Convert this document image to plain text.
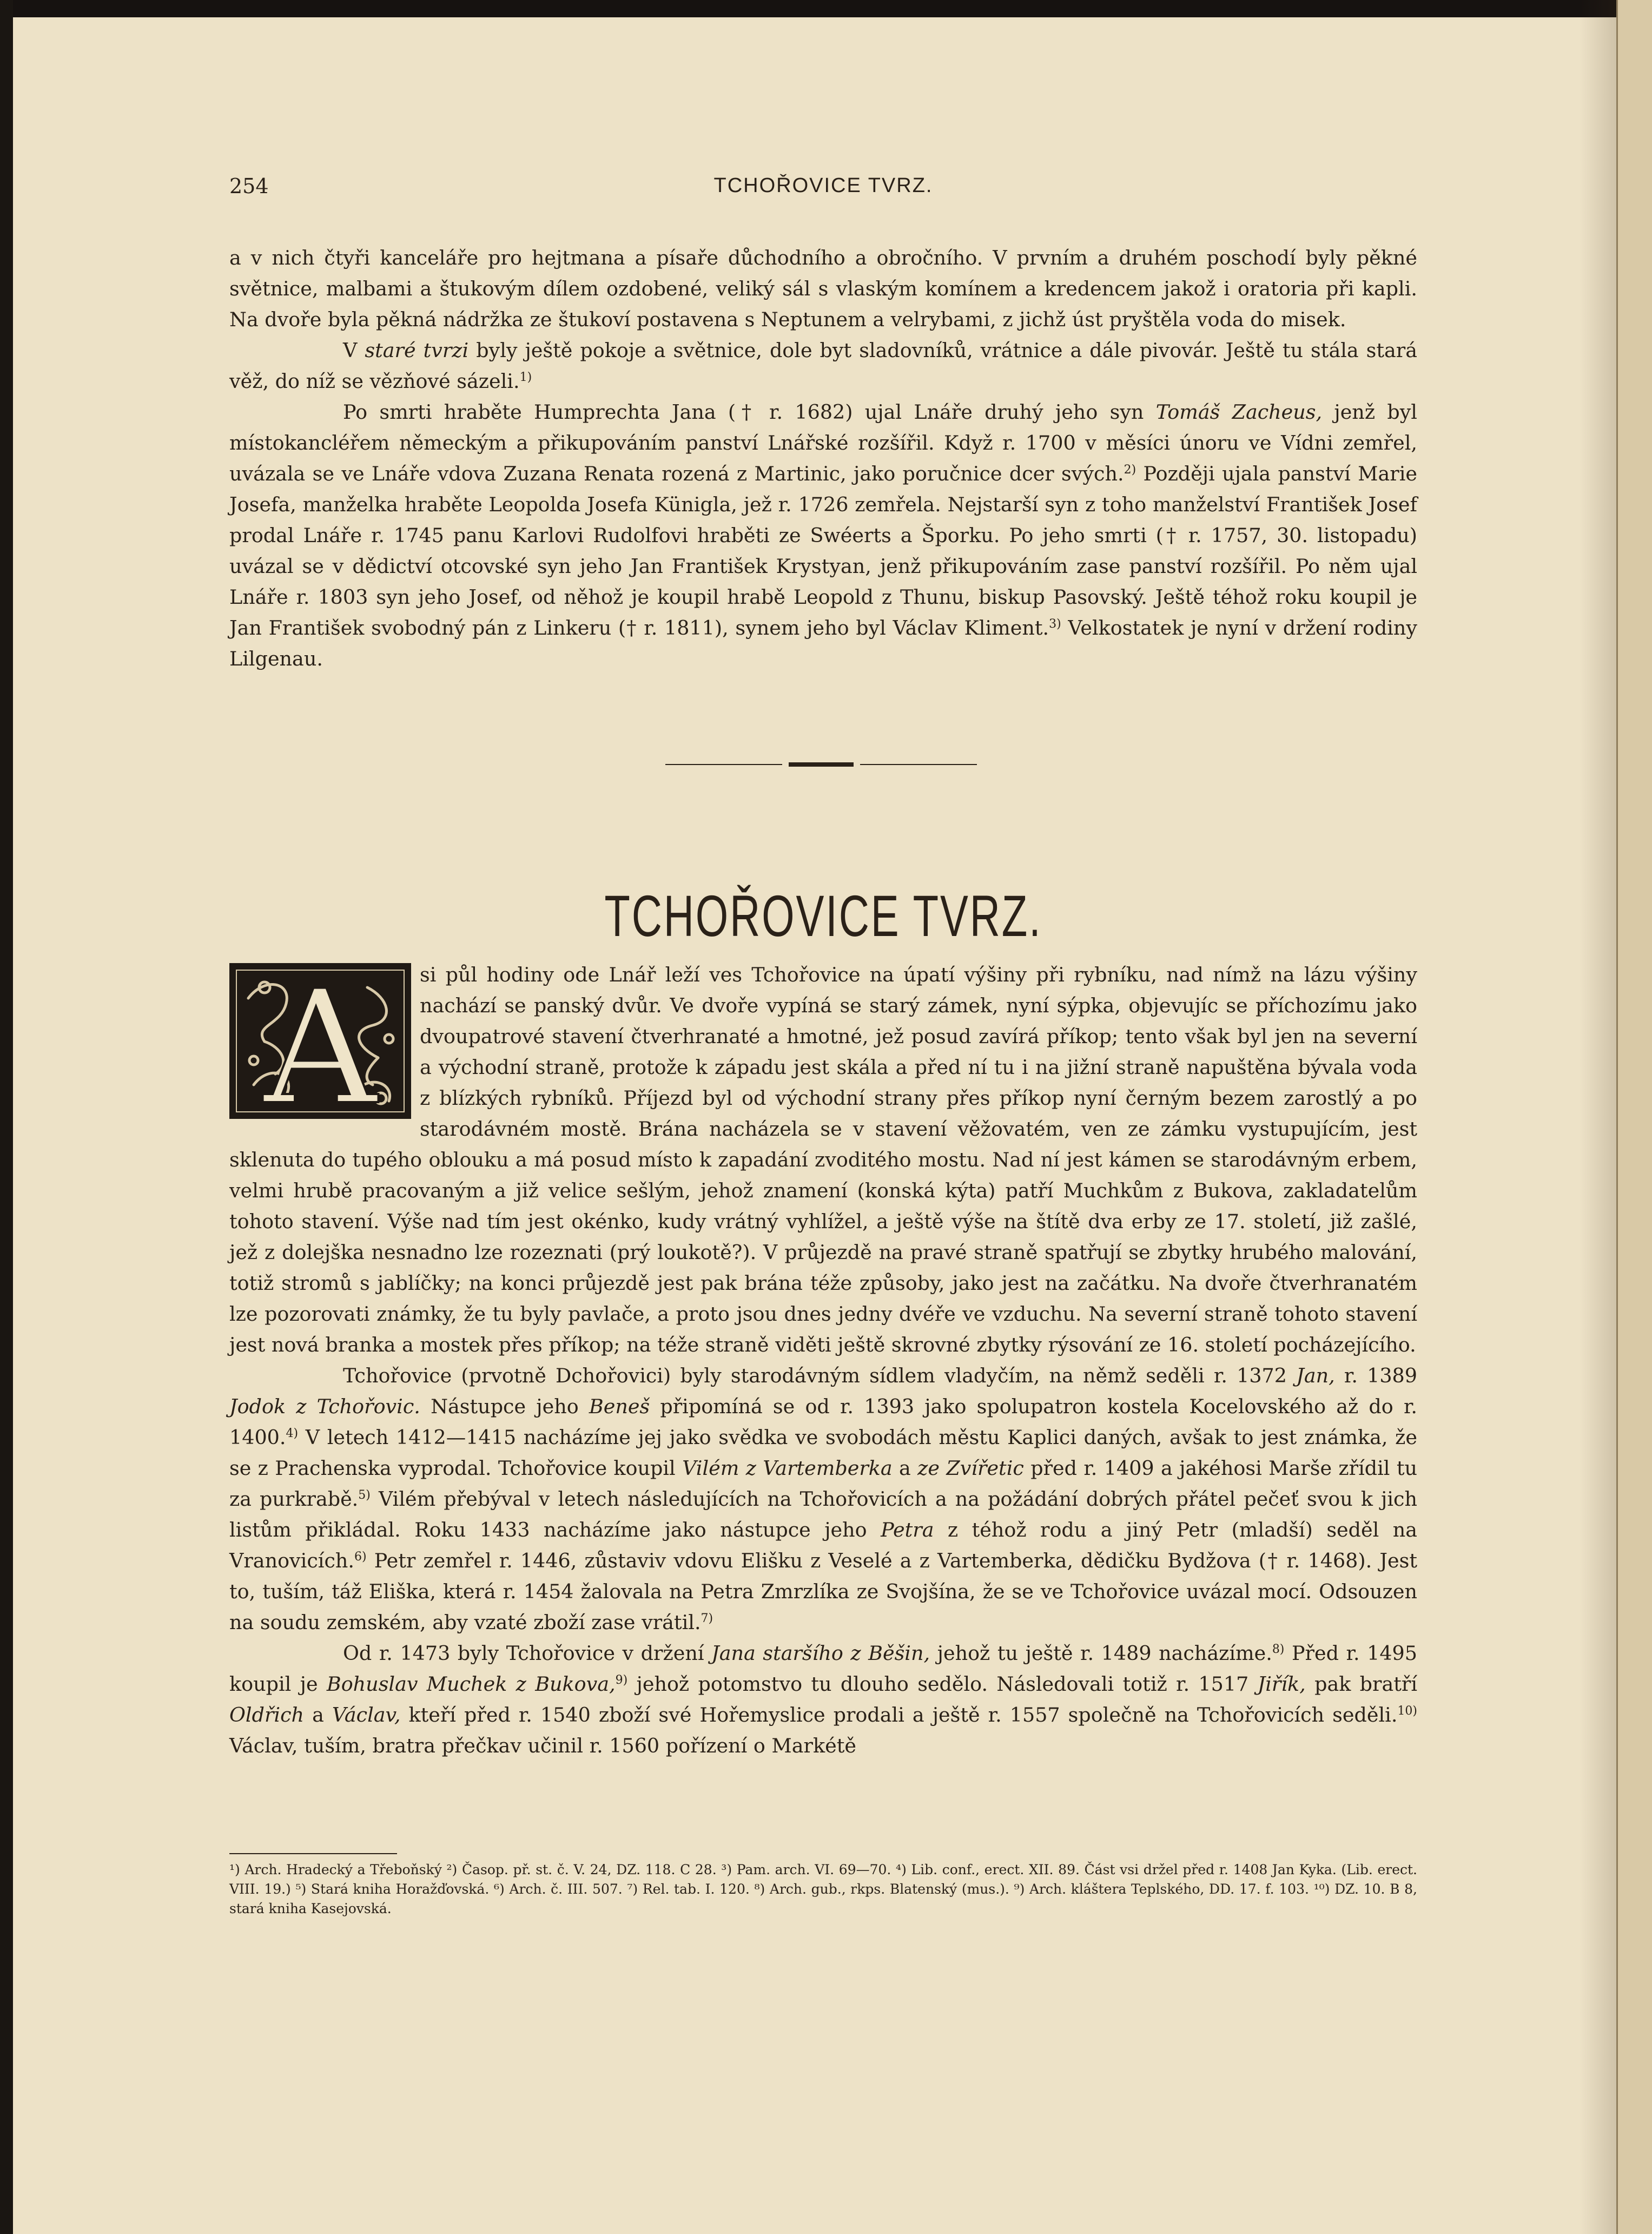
254	TCHOŘOVICE TVRZ.

a v nich čtyři kanceláře pro hejtmana a písaře důchodního a obročního. V prvním a druhém poschodí byly pěkné světnice, malbami a štukovým dílem ozdobené, veliký sál s vlaským komínem a kredencem jakož i oratoria při kapli. Na dvoře byla pěkná nádržka ze štukoví postavena s Neptunem a velrybami, z jichž úst pryštěla voda do misek.

V staré tvrzi byly ještě pokoje a světnice, dole byt sladovníků, vrátnice a dále pivovár. Ještě tu stála stará věž, do níž se vězňové sázeli.$^{1)}$

Po smrti hraběte Humprechta Jana († r. 1682) ujal Lnáře druhý jeho syn Tomáš Zacheus, jenž byl místokancléřem německým a přikupováním panství Lnářské rozšířil. Když r. 1700 v měsíci únoru ve Vídni zemřel, uvázala se ve Lnáře vdova Zuzana Renata rozená z Martinic, jako poručnice dcer svých.$^{2)}$ Později ujala panství Marie Josefa, manželka hraběte Leopolda Josefa Künigla, jež r. 1726 zemřela. Nejstarší syn z toho manželství František Josef prodal Lnáře r. 1745 panu Karlovi Rudolfovi hraběti ze Swéerts a Šporku. Po jeho smrti († r. 1757, 30. listopadu) uvázal se v dědictví otcovské syn jeho Jan František Krystyan, jenž přikupováním zase panství rozšířil. Po něm ujal Lnáře r. 1803 syn jeho Josef, od něhož je koupil hrabě Leopold z Thunu, biskup Pasovský. Ještě téhož roku koupil je Jan František svobodný pán z Linkeru († r. 1811), synem jeho byl Václav Kliment.$^{3)}$ Velkostatek je nyní v držení rodiny Lilgenau.

TCHOŘOVICE TVRZ.
A	si půl hodiny ode Lnář leží ves Tchořovice na úpatí výšiny při rybníku, nad nímž na lázu výšiny nachází se panský dvůr. Ve dvoře vypíná se starý zámek, nyní sýpka, objevujíc se příchozímu jako dvoupatrové stavení čtverhranaté a hmotné, jež posud zavírá příkop; tento však byl jen na severní a východní straně, protože k západu jest skála a před ní tu i na jižní straně napuštěna bývala voda z blízkých rybníků. Příjezd byl od východní strany přes příkop nyní černým bezem zarostlý a po starodávném mostě. Brána nacházela se v stavení věžovatém, ven ze zámku vystupujícím, jest sklenuta do tupého oblouku a má posud místo k zapadání zvoditého mostu. Nad ní jest kámen se starodávným erbem, velmi hrubě pracovaným a již velice sešlým, jehož znamení (konská kýta) patří Muchkům z Bukova, zakladatelům tohoto stavení. Výše nad tím jest okénko, kudy vrátný vyhlížel, a ještě výše na štítě dva erby ze 17. století, již zašlé, jež z dolejška nesnadno lze rozeznati (prý loukotě?). V průjezdě na pravé straně spatřují se zbytky hrubého malování, totiž stromů s jablíčky; na konci průjezdě jest pak brána téže způsoby, jako jest na začátku. Na dvoře čtverhranatém lze pozorovati známky, že tu byly pavlače, a proto jsou dnes jedny dvéře ve vzduchu. Na severní straně tohoto stavení jest nová branka a mostek přes příkop; na téže straně viděti ještě skrovné zbytky rýsování ze 16. století pocházejícího.

Tchořovice (prvotně Dchořovici) byly starodávným sídlem vladyčím, na němž seděli r. 1372 Jan, r. 1389 Jodok z Tchořovic. Nástupce jeho Beneš připomíná se od r. 1393 jako spolupatron kostela Kocelovského až do r. 1400.$^{4)}$ V letech 1412—1415 nacházíme jej jako svědka ve svobodách městu Kaplici daných, avšak to jest známka, že se z Prachenska vyprodal. Tchořovice koupil Vilém z Vartemberka a ze Zvířetic před r. 1409 a jakéhosi Marše zřídil tu za purkrabě.$^{5)}$ Vilém přebýval v letech následujících na Tchořovicích a na požádání dobrých přátel pečeť svou k jich listům přikládal. Roku 1433 nacházíme jako nástupce jeho Petra z téhož rodu a jiný Petr (mladší) seděl na Vranovicích.$^{6)}$ Petr zemřel r. 1446, zůstaviv vdovu Elišku z Veselé a z Vartemberka, dědičku Bydžova († r. 1468). Jest to, tuším, táž Eliška, která r. 1454 žalovala na Petra Zmrzlíka ze Svojšína, že se ve Tchořovice uvázal mocí. Odsouzen na soudu zemském, aby vzaté zboží zase vrátil.$^{7)}$

Od r. 1473 byly Tchořovice v držení Jana staršího z Běšin, jehož tu ještě r. 1489 nacházíme.$^{8)}$ Před r. 1495 koupil je Bohuslav Muchek z Bukova,$^{9)}$ jehož potomstvo tu dlouho sedělo. Následovali totiž r. 1517 Jiřík, pak bratří Oldřich a Václav, kteří před r. 1540 zboží své Hořemyslice prodali a ještě r. 1557 společně na Tchořovicích seděli.$^{10)}$ Václav, tuším, bratra přečkav učinil r. 1560 pořízení o Markétě

¹) Arch. Hradecký a Třeboňský ²) Časop. př. st. č. V. 24, DZ. 118. C 28. ³) Pam. arch. VI. 69—70. ⁴) Lib. conf., erect. XII. 89. Část vsi držel před r. 1408 Jan Kyka. (Lib. erect. VIII. 19.) ⁵) Stará kniha Horažďovská. ⁶) Arch. č. III. 507. ⁷) Rel. tab. I. 120. ⁸) Arch. gub., rkps. Blatenský (mus.). ⁹) Arch. kláštera Teplského, DD. 17. f. 103. ¹⁰) DZ. 10. B 8, stará kniha Kasejovská.
